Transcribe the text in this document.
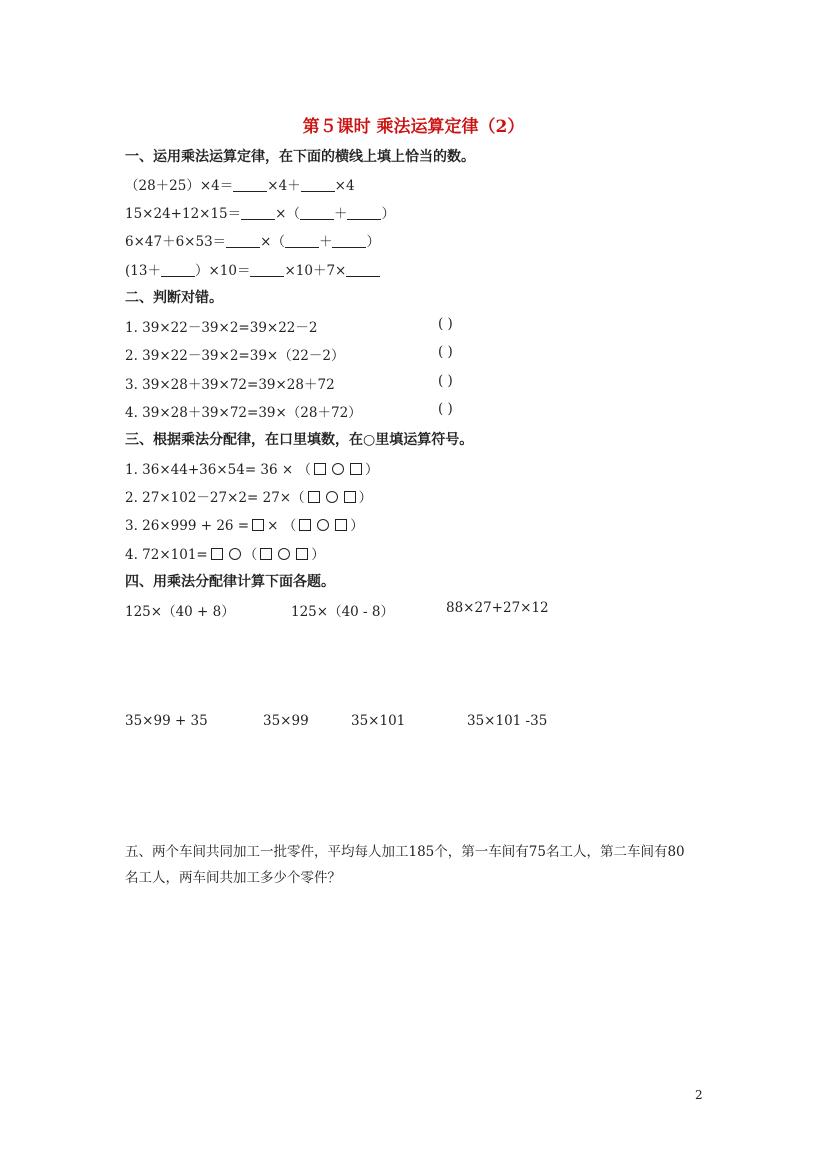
第５课时 乘法运算定律（2）
一、运用乘法运算定律，在下面的横线上填上恰当的数。
（28＋25）×4＝	×4＋	×4
15×24+12×15＝	×（	＋	）
6×47＋6×53＝	×（	＋	）
(13＋	）×10＝	×10＋7×
二、判断对错。
1. 39×22－39×2=39×22－2	( )
2. 39×22－39×2=39×（22－2）	( )
3. 39×28＋39×72=39×28＋72	( )
4. 39×28＋39×72=39×（28＋72）	( )
三、根据乘法分配律，在口里填数，在○里填运算符号。
1. 36×44+36×54= 36 × （	）
2. 27×102－27×2= 27×（	）
3. 26×999 + 26 = × （	）
4. 72×101=	（	）
四、用乘法分配律计算下面各题。
125×（40 + 8）	125×（40 - 8）	88×27+27×12
35×99 + 35	35×99	35×101	35×101 -35
五、两个车间共同加工一批零件，平均每人加工185个，第一车间有75名工人，第二车间有80
名工人，两车间共加工多少个零件？
2
